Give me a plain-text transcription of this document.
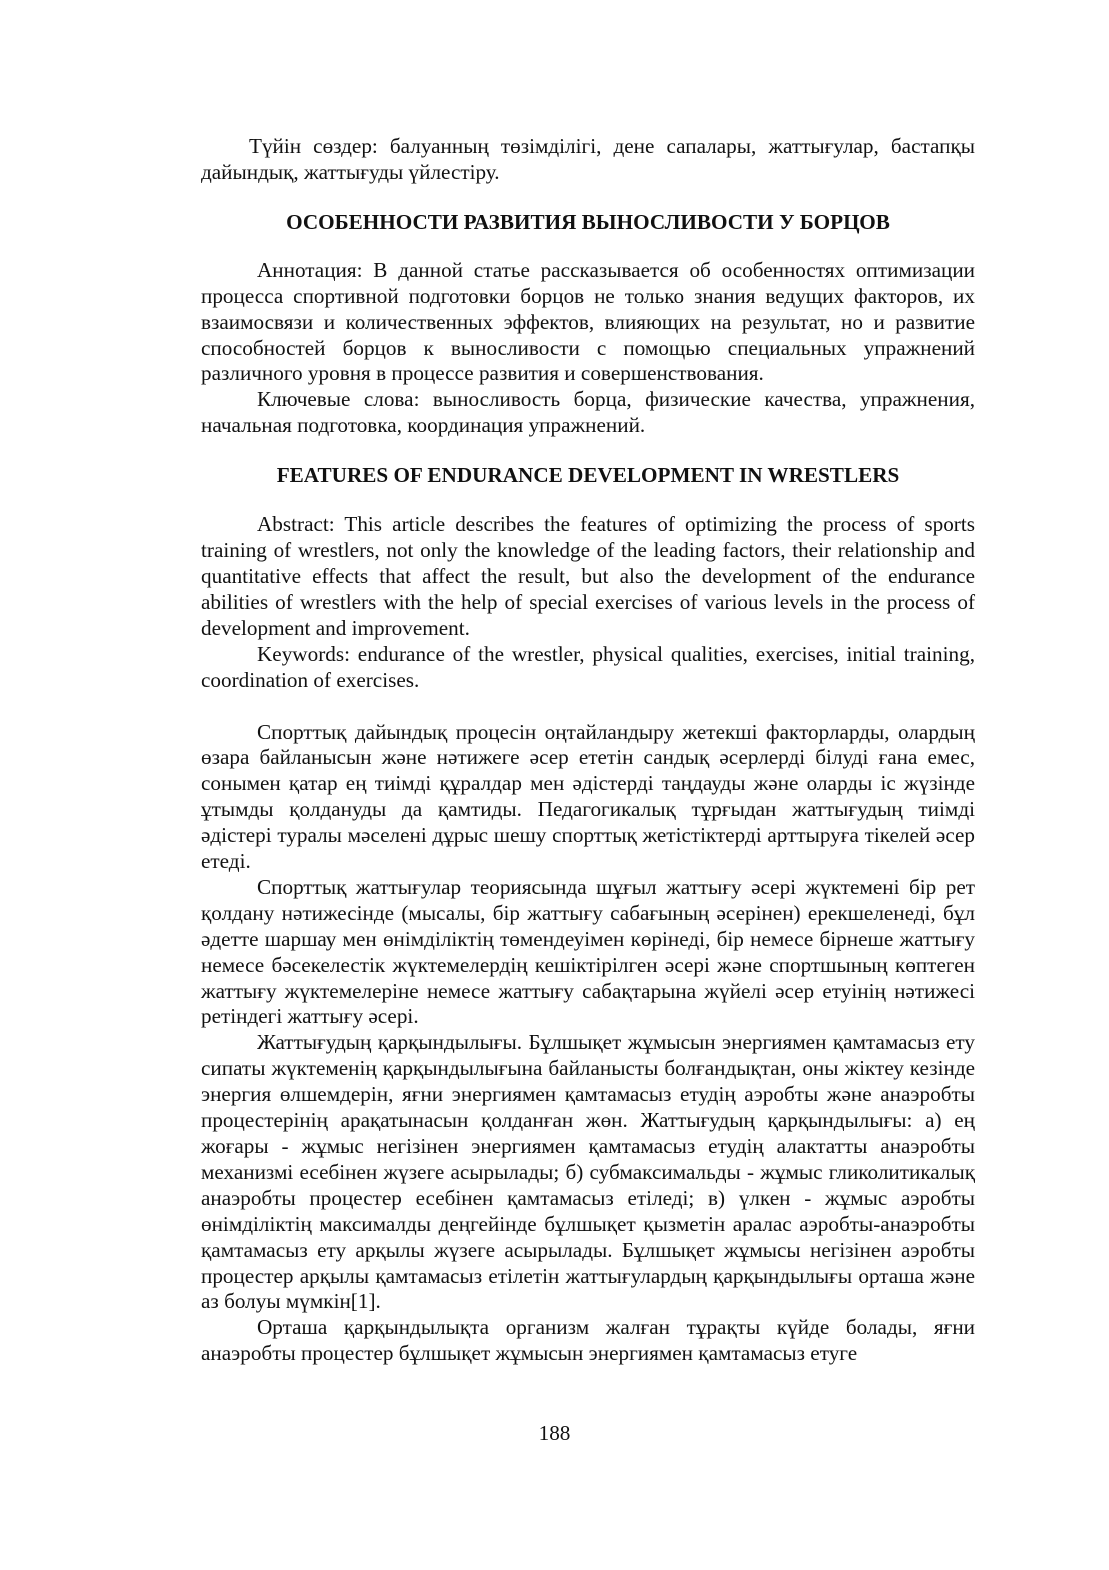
Түйін сөздер: балуанның төзімділігі, дене сапалары, жаттығулар, бастапқы дайындық, жаттығуды үйлестіру.

ОСОБЕННОСТИ РАЗВИТИЯ ВЫНОСЛИВОСТИ У БОРЦОВ

Аннотация: В данной статье рассказывается об особенностях оптимизации процесса спортивной подготовки борцов не только знания ведущих факторов, их взаимосвязи и количественных эффектов, влияющих на результат, но и развитие способностей борцов к выносливости с помощью специальных упражнений различного уровня в процессе развития и совершенствования.

Ключевые слова: выносливость борца, физические качества, упражнения, начальная подготовка, координация упражнений.

FEATURES OF ENDURANCE DEVELOPMENT IN WRESTLERS

Abstract: This article describes the features of optimizing the process of sports training of wrestlers, not only the knowledge of the leading factors, their relationship and quantitative effects that affect the result, but also the development of the endurance abilities of wrestlers with the help of special exercises of various levels in the process of development and improvement.

Keywords: endurance of the wrestler, physical qualities, exercises, initial training, coordination of exercises.

Спорттық дайындық процесін оңтайландыру жетекші факторларды, олардың өзара байланысын және нәтижеге әсер ететін сандық әсерлерді білуді ғана емес, сонымен қатар ең тиімді құралдар мен әдістерді таңдауды және оларды іс жүзінде ұтымды қолдануды да қамтиды. Педагогикалық тұрғыдан жаттығудың тиімді әдістері туралы мәселені дұрыс шешу спорттық жетістіктерді арттыруға тікелей әсер етеді.

Спорттық жаттығулар теориясында шұғыл жаттығу әсері жүктемені бір рет қолдану нәтижесінде (мысалы, бір жаттығу сабағының әсерінен) ерекшеленеді, бұл әдетте шаршау мен өнімділіктің төмендеуімен көрінеді, бір немесе бірнеше жаттығу немесе бәсекелестік жүктемелердің кешіктірілген әсері және спортшының көптеген жаттығу жүктемелеріне немесе жаттығу сабақтарына жүйелі әсер етуінің нәтижесі ретіндегі жаттығу әсері.

Жаттығудың қарқындылығы. Бұлшықет жұмысын энергиямен қамтамасыз ету сипаты жүктеменің қарқындылығына байланысты болғандықтан, оны жіктеу кезінде энергия өлшемдерін, яғни энергиямен қамтамасыз етудің аэробты және анаэробты процестерінің арақатынасын қолданған жөн. Жаттығудың қарқындылығы: а) ең жоғары - жұмыс негізінен энергиямен қамтамасыз етудің алактатты анаэробты механизмі есебінен жүзеге асырылады; б) субмаксимальды - жұмыс гликолитикалық анаэробты процестер есебінен қамтамасыз етіледі; в) үлкен - жұмыс аэробты өнімділіктің максималды деңгейінде бұлшықет қызметін аралас аэробты-анаэробты қамтамасыз ету арқылы жүзеге асырылады. Бұлшықет жұмысы негізінен аэробты процестер арқылы қамтамасыз етілетін жаттығулардың қарқындылығы орташа және аз болуы мүмкін[1].

Орташа қарқындылықта организм жалған тұрақты күйде болады, яғни анаэробты процестер бұлшықет жұмысын энергиямен қамтамасыз етуге

188
